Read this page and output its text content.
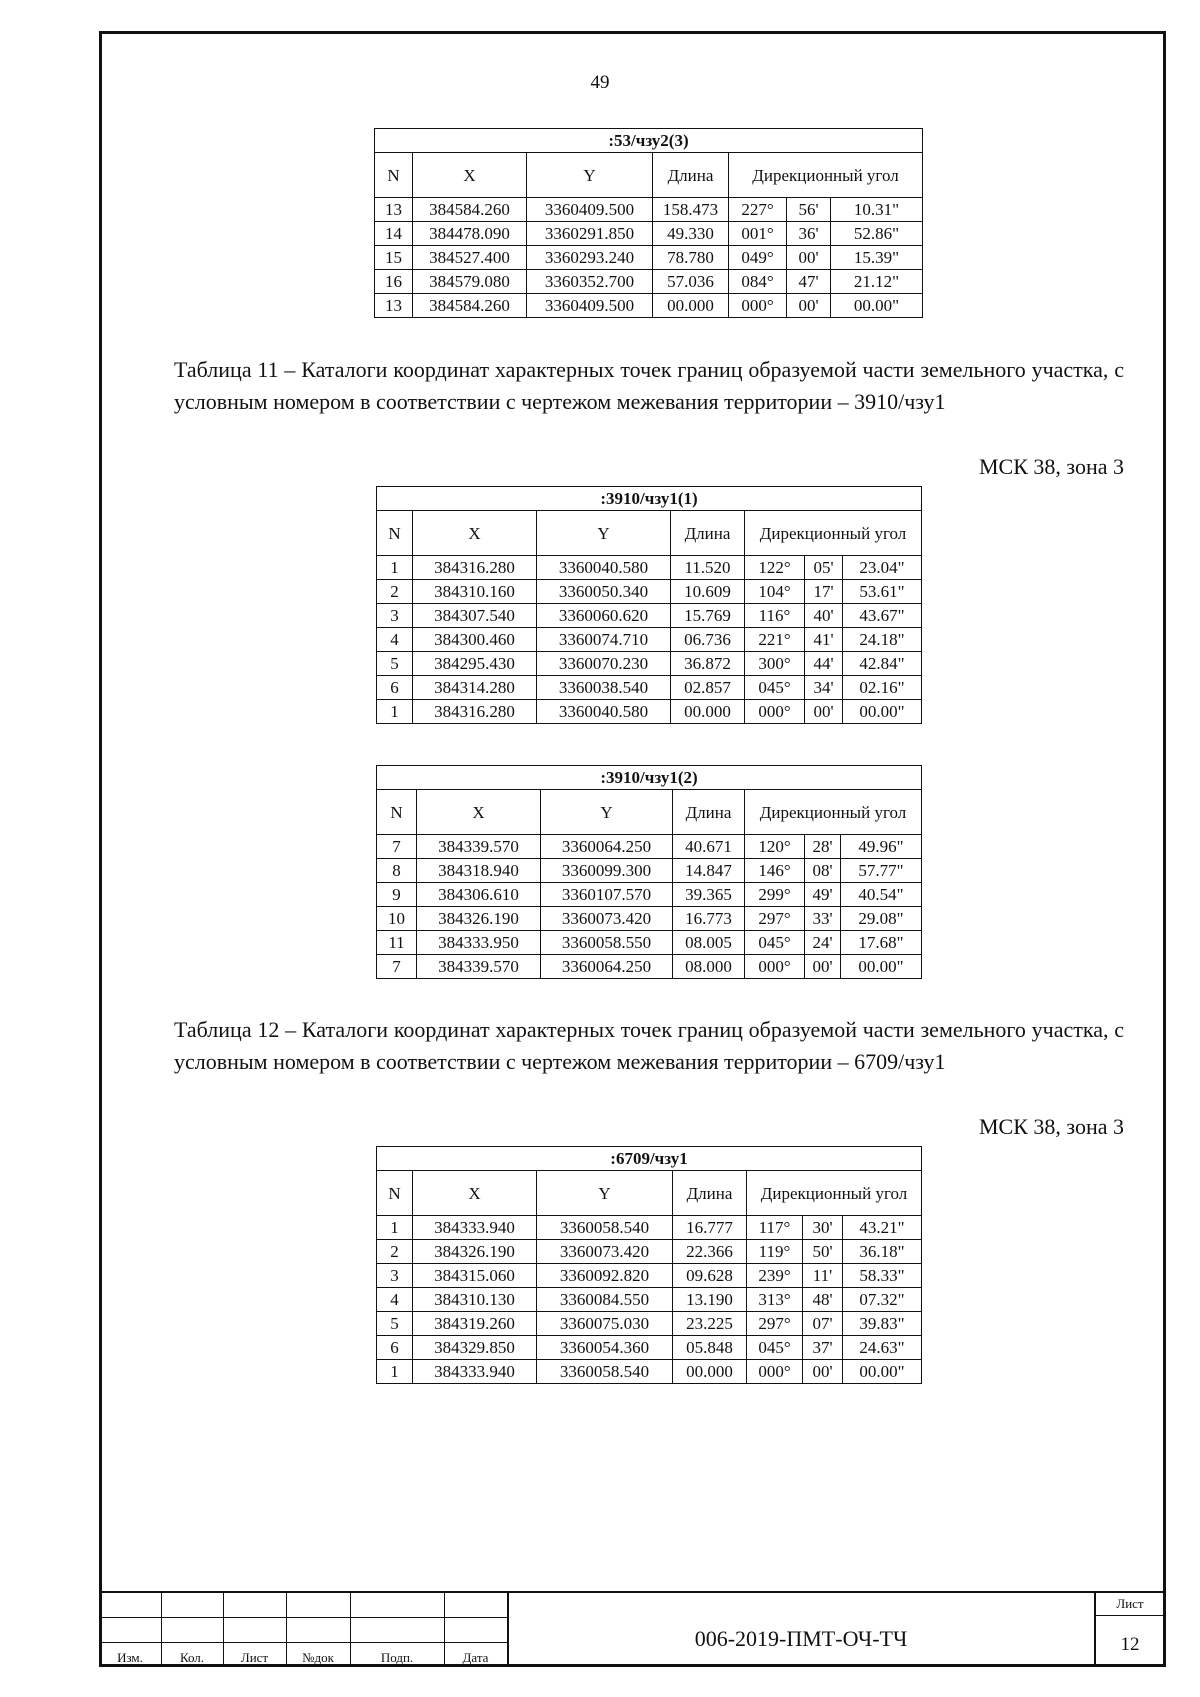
49
:53/чзу2(3)						
N	X	Y	Длина	Дирекционный угол		
13	384584.260	3360409.500	158.473	227°	56'	10.31"
14	384478.090	3360291.850	49.330	001°	36'	52.86"
15	384527.400	3360293.240	78.780	049°	00'	15.39"
16	384579.080	3360352.700	57.036	084°	47'	21.12"
13	384584.260	3360409.500	00.000	000°	00'	00.00"
Таблица 11 – Каталоги координат характерных точек границ образуемой части земельного участка, с условным номером в соответствии с чертежом межевания территории – 3910/чзу1
МСК 38, зона 3
:3910/чзу1(1)						
N	X	Y	Длина	Дирекционный угол		
1	384316.280	3360040.580	11.520	122°	05'	23.04"
2	384310.160	3360050.340	10.609	104°	17'	53.61"
3	384307.540	3360060.620	15.769	116°	40'	43.67"
4	384300.460	3360074.710	06.736	221°	41'	24.18"
5	384295.430	3360070.230	36.872	300°	44'	42.84"
6	384314.280	3360038.540	02.857	045°	34'	02.16"
1	384316.280	3360040.580	00.000	000°	00'	00.00"
:3910/чзу1(2)						
N	X	Y	Длина	Дирекционный угол		
7	384339.570	3360064.250	40.671	120°	28'	49.96"
8	384318.940	3360099.300	14.847	146°	08'	57.77"
9	384306.610	3360107.570	39.365	299°	49'	40.54"
10	384326.190	3360073.420	16.773	297°	33'	29.08"
11	384333.950	3360058.550	08.005	045°	24'	17.68"
7	384339.570	3360064.250	08.000	000°	00'	00.00"
Таблица 12 – Каталоги координат характерных точек границ образуемой части земельного участка, с условным номером в соответствии с чертежом межевания территории – 6709/чзу1
МСК 38, зона 3
:6709/чзу1						
N	X	Y	Длина	Дирекционный угол		
1	384333.940	3360058.540	16.777	117°	30'	43.21"
2	384326.190	3360073.420	22.366	119°	50'	36.18"
3	384315.060	3360092.820	09.628	239°	11'	58.33"
4	384310.130	3360084.550	13.190	313°	48'	07.32"
5	384319.260	3360075.030	23.225	297°	07'	39.83"
6	384329.850	3360054.360	05.848	045°	37'	24.63"
1	384333.940	3360058.540	00.000	000°	00'	00.00"
Изм.	Кол.	Лист	№док	Подп.	Дата
006-2019-ПМТ-ОЧ-ТЧ
Лист
12
